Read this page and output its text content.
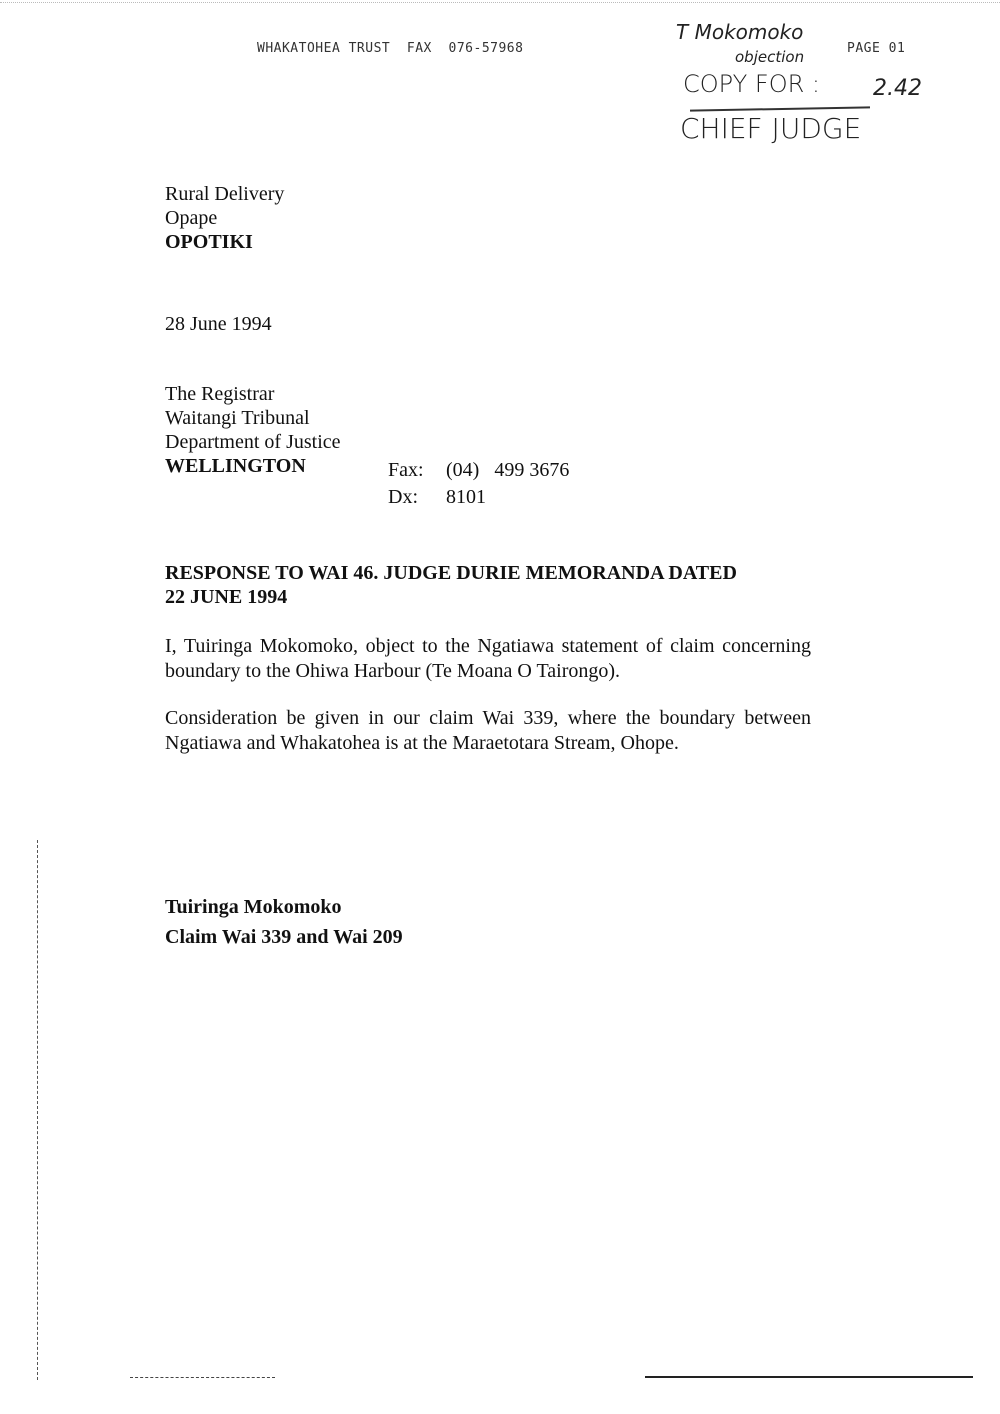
WHAKATOHEA TRUST  FAX  076-57968	PAGE 01
T Mokomoko
objection
COPY FOR : 2.42
CHIEF JUDGE
Rural Delivery
Opape
OPOTIKI
28 June 1994
The Registrar
Waitangi Tribunal
Department of Justice
WELLINGTON	Fax: (04)   499 3676
Dx: 8101
RESPONSE TO WAI 46. JUDGE DURIE MEMORANDA DATED
22 JUNE 1994
I, Tuiringa Mokomoko, object to the Ngatiawa statement of claim concerning boundary to the Ohiwa Harbour (Te Moana O Tairongo).
Consideration be given in our claim Wai 339, where the boundary between Ngatiawa and Whakatohea is at the Maraetotara Stream, Ohope.
Tuiringa Mokomoko
Claim Wai 339 and Wai 209
